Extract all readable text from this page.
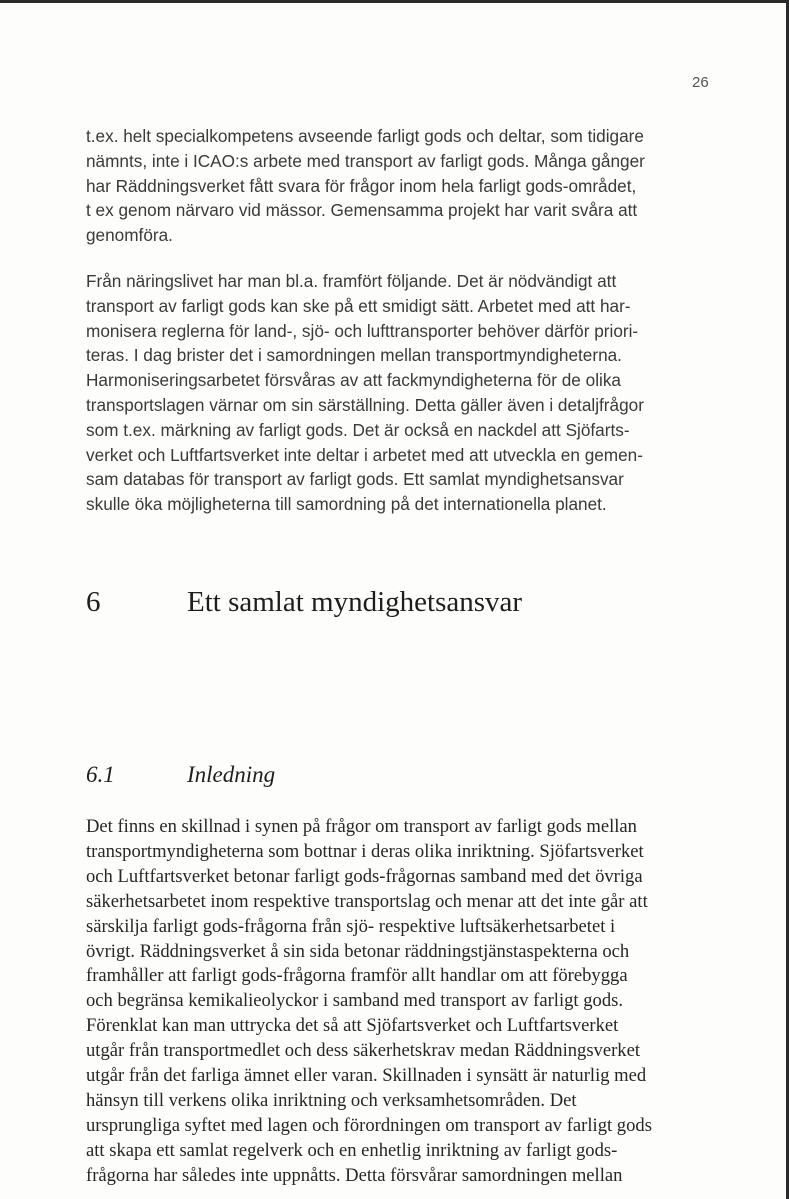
26

t.ex. helt specialkompetens avseende farligt gods och deltar, som tidigare
nämnts, inte i ICAO:s arbete med transport av farligt gods. Många gånger
har Räddningsverket fått svara för frågor inom hela farligt gods-området,
t ex genom närvaro vid mässor. Gemensamma projekt har varit svåra att
genomföra.

Från näringslivet har man bl.a. framfört följande. Det är nödvändigt att
transport av farligt gods kan ske på ett smidigt sätt. Arbetet med att har-
monisera reglerna för land-, sjö- och lufttransporter behöver därför priori-
teras. I dag brister det i samordningen mellan transportmyndigheterna.
Harmoniseringsarbetet försvåras av att fackmyndigheterna för de olika
transportslagen värnar om sin särställning. Detta gäller även i detaljfrågor
som t.ex. märkning av farligt gods. Det är också en nackdel att Sjöfarts-
verket och Luftfartsverket inte deltar i arbetet med att utveckla en gemen-
sam databas för transport av farligt gods. Ett samlat myndighetsansvar
skulle öka möjligheterna till samordning på det internationella planet.

6	Ett samlat myndighetsansvar
6.1	Inledning

Det finns en skillnad i synen på frågor om transport av farligt gods mellan
transportmyndigheterna som bottnar i deras olika inriktning. Sjöfartsverket
och Luftfartsverket betonar farligt gods-frågornas samband med det övriga
säkerhetsarbetet inom respektive transportslag och menar att det inte går att
särskilja farligt gods-frågorna från sjö- respektive luftsäkerhetsarbetet i
övrigt. Räddningsverket å sin sida betonar räddningstjänstaspekterna och
framhåller att farligt gods-frågorna framför allt handlar om att förebygga
och begränsa kemikalieolyckor i samband med transport av farligt gods.
Förenklat kan man uttrycka det så att Sjöfartsverket och Luftfartsverket
utgår från transportmedlet och dess säkerhetskrav medan Räddningsverket
utgår från det farliga ämnet eller varan. Skillnaden i synsätt är naturlig med
hänsyn till verkens olika inriktning och verksamhetsområden. Det
ursprungliga syftet med lagen och förordningen om transport av farligt gods
att skapa ett samlat regelverk och en enhetlig inriktning av farligt gods-
frågorna har således inte uppnåtts. Detta försvårar samordningen mellan
